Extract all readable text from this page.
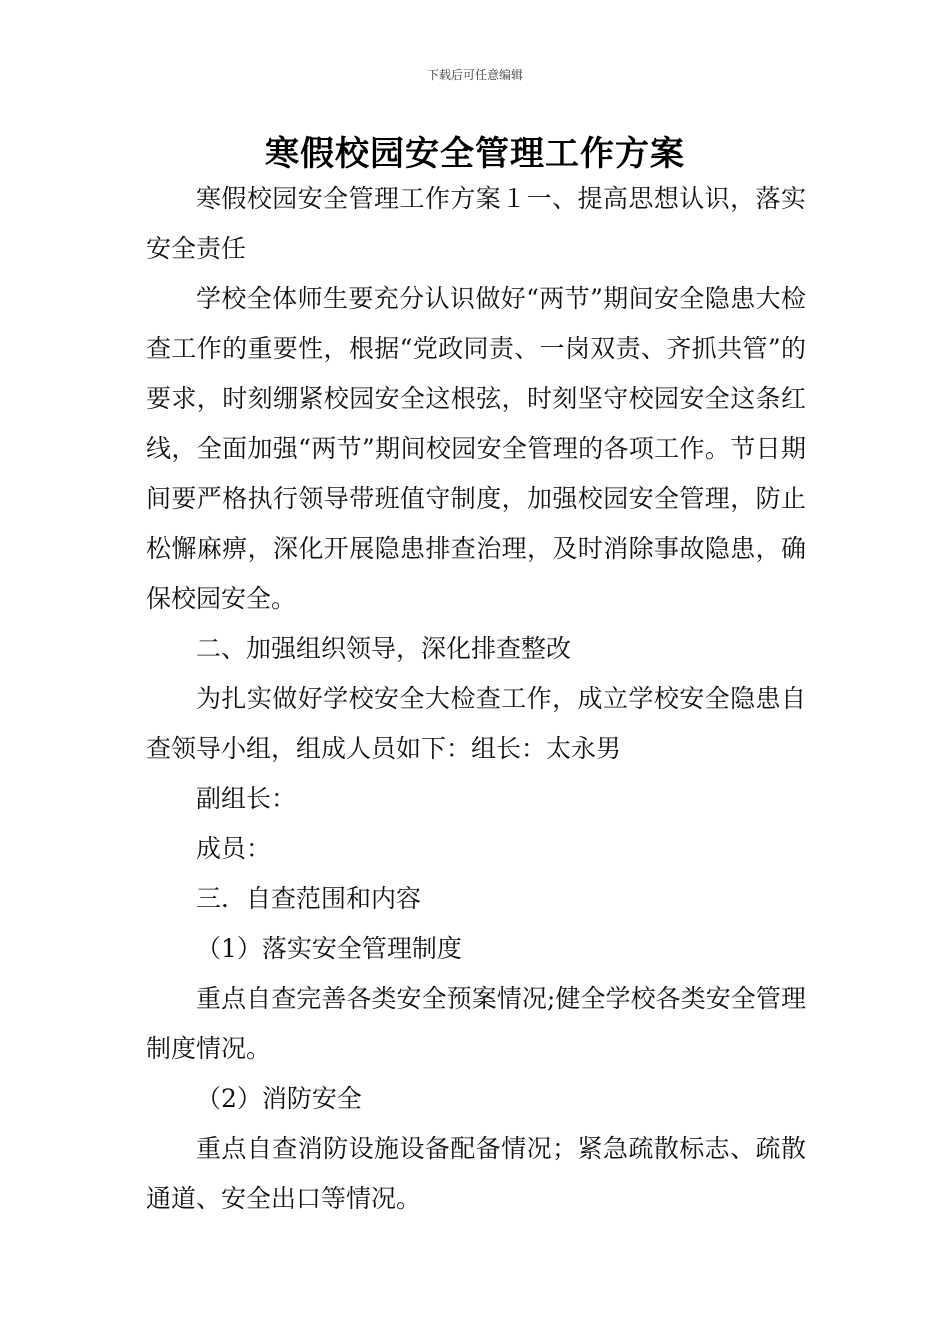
下载后可任意编辑
寒假校园安全管理工作方案

寒假校园安全管理工作方案１一、提高思想认识，落实安全责任

学校全体师生要充分认识做好“两节”期间安全隐患大检查工作的重要性，根据“党政同责、一岗双责、齐抓共管”的要求，时刻绷紧校园安全这根弦，时刻坚守校园安全这条红线，全面加强“两节”期间校园安全管理的各项工作。节日期间要严格执行领导带班值守制度，加强校园安全管理，防止松懈麻痹，深化开展隐患排查治理，及时消除事故隐患，确保校园安全。

二、加强组织领导，深化排查整改

为扎实做好学校安全大检查工作，成立学校安全隐患自查领导小组，组成人员如下：组长：太永男

副组长：

成员：

三．自查范围和内容

（1）落实安全管理制度

重点自查完善各类安全预案情况;健全学校各类安全管理制度情况。

（2）消防安全

重点自查消防设施设备配备情况；紧急疏散标志、疏散通道、安全出口等情况。
